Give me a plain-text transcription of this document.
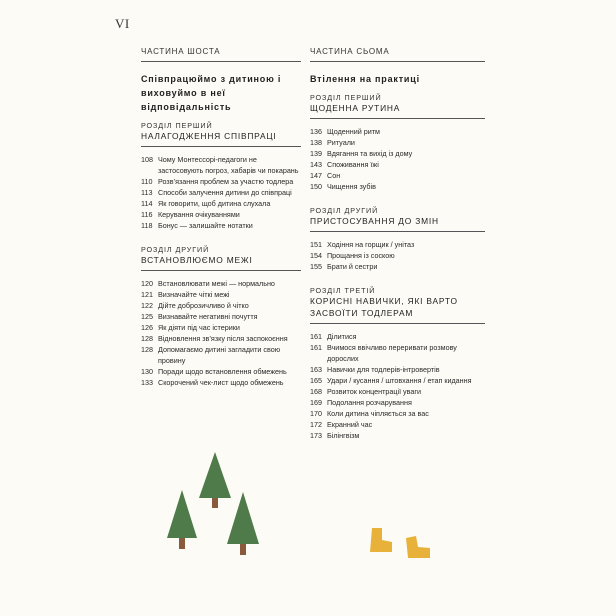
VI
ЧАСТИНА ШОСТА
Співпрацюймо з дитиною і виховуймо в неї відповідальність
РОЗДІЛ ПЕРШИЙ
НАЛАГОДЖЕННЯ СПІВПРАЦІ
108 Чому Монтессорі-педагоги не застосовують погроз, хабарів чи покарань
110 Розв’язання проблем за участю тодлера
113 Способи залучення дитини до співпраці
114 Як говорити, щоб дитина слухала
116 Керування очікуваннями
118 Бонус — залишайте нотатки
РОЗДІЛ ДРУГИЙ
ВСТАНОВЛЮЄМО МЕЖІ
120 Встановлювати межі — нормально
121 Визначайте чіткі межі
122 Дійте доброзичливо й чітко
125 Визнавайте негативні почуття
126 Як діяти під час істерики
128 Відновлення зв’язку після заспокоєння
128 Допомагаємо дитині загладити свою провину
130 Поради щодо встановлення обмежень
133 Скорочений чек-лист щодо обмежень
ЧАСТИНА СЬОМА
Втілення на практиці
РОЗДІЛ ПЕРШИЙ
ЩОДЕННА РУТИНА
136 Щоденний ритм
138 Ритуали
139 Вдягання та вихід із дому
143 Споживання їжі
147 Сон
150 Чищення зубів
РОЗДІЛ ДРУГИЙ
ПРИСТОСУВАННЯ ДО ЗМІН
151 Ходіння на горщик / унітаз
154 Прощання із соскою
155 Брати й сестри
РОЗДІЛ ТРЕТІЙ
КОРИСНІ НАВИЧКИ, ЯКІ ВАРТО ЗАСВОЇТИ ТОДЛЕРАМ
161 Ділитися
161 Вчимося ввічливо переривати розмову дорослих
163 Навички для тодлерів-інтровертів
165 Удари / кусання / штовхання / етап кидання
168 Розвиток концентрації уваги
169 Подолання розчарування
170 Коли дитина чіпляється за вас
172 Екранний час
173 Білінгвізм
